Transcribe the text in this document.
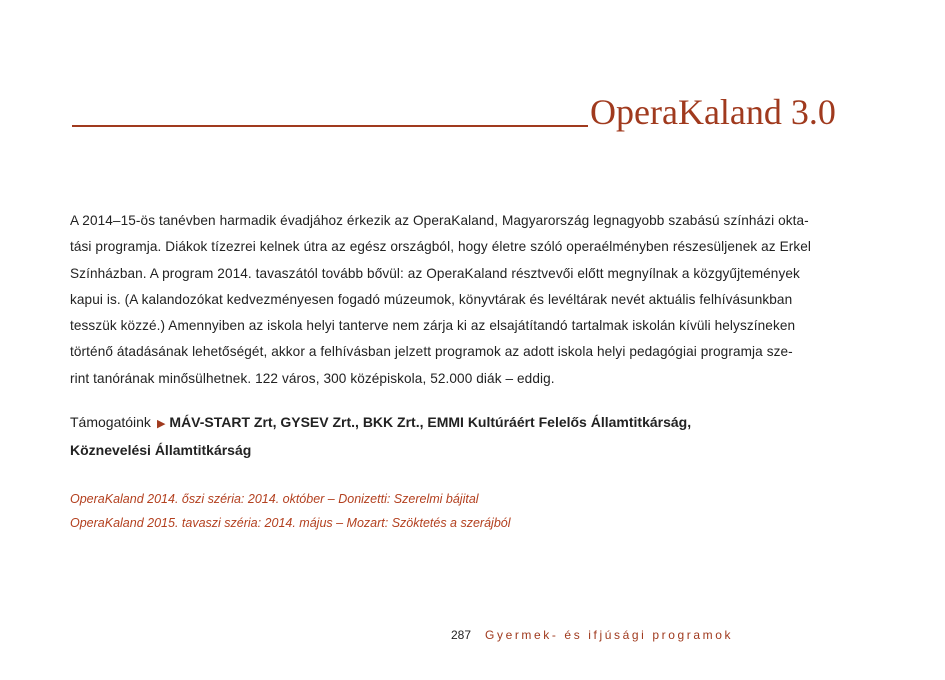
OperaKaland 3.0
A 2014–15-ös tanévben harmadik évadjához érkezik az OperaKaland, Magyarország legnagyobb szabású színházi okta-
tási programja. Diákok tízezrei kelnek útra az egész országból, hogy életre szóló operaélményben részesüljenek az Erkel
Színházban. A program 2014. tavaszától tovább bővül: az OperaKaland résztvevői előtt megnyílnak a közgyűjtemények
kapui is. (A kalandozókat kedvezményesen fogadó múzeumok, könyvtárak és levéltárak nevét aktuális felhívásunkban
tesszük közzé.) Amennyiben az iskola helyi tanterve nem zárja ki az elsajátítandó tartalmak iskolán kívüli helyszíneken
történő átadásának lehetőségét, akkor a felhívásban jelzett programok az adott iskola helyi pedagógiai programja sze-
rint tanórának minősülhetnek. 122 város, 300 középiskola, 52.000 diák – eddig.
Támogatóink ▶ MÁV-START Zrt, GYSEV Zrt., BKK Zrt., EMMI Kultúráért Felelős Államtitkárság,
Köznevelési Államtitkárság
OperaKaland 2014. őszi széria: 2014. október – Donizetti: Szerelmi bájital
OperaKaland 2015. tavaszi széria: 2014. május – Mozart: Szöktetés a szerájból
287 Gyermek- és ifjúsági programok
